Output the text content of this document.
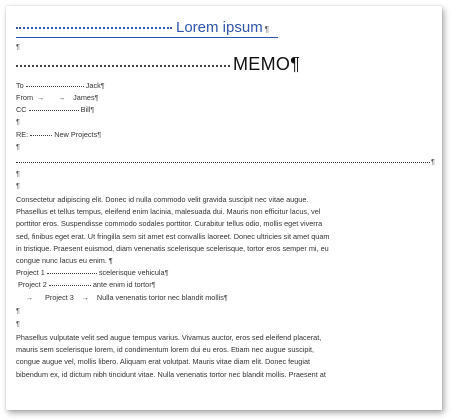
Lorem ipsum ¶
¶
MEMO¶
To	Jack¶
From → → James¶
CC	Bill¶
¶
RE:	New Projects¶
¶
¶
¶
¶
Consectetur adipiscing elit. Donec id nulla commodo velit gravida suscipit nec vitae augue.
Phasellus et tellus tempus, eleifend enim lacinia, malesuada dui. Mauris non efficitur lacus, vel
porttitor eros. Suspendisse commodo sodales porttitor. Curabitur tellus odio, mollis eget viverra
sed, finibus eget erat. Ut fringilla sem sit amet est convallis laoreet. Donec ultricies sit amet quam
in tristique. Praesent euismod, diam venenatis scelerisque scelerisque, tortor eros semper mi, eu
congue nunc lacus eu enim. ¶
Project 1	scelerisque vehicula¶
Project 2	ante enim id tortor¶
→ Project 3 → Nulla venenatis tortor nec blandit mollis¶
¶
¶
Phasellus vulputate velit sed augue tempus varius. Vivamus auctor, eros sed eleifend placerat,
mauris sem scelerisque lorem, id condimentum lorem dui eu eros. Etiam nec augue suscipit,
congue augue vel, mollis libero. Aliquam erat volutpat. Mauris vitae diam elit. Donec feugiat
bibendum ex, id dictum nibh tincidunt vitae. Nulla venenatis tortor nec blandit mollis. Praesent at
